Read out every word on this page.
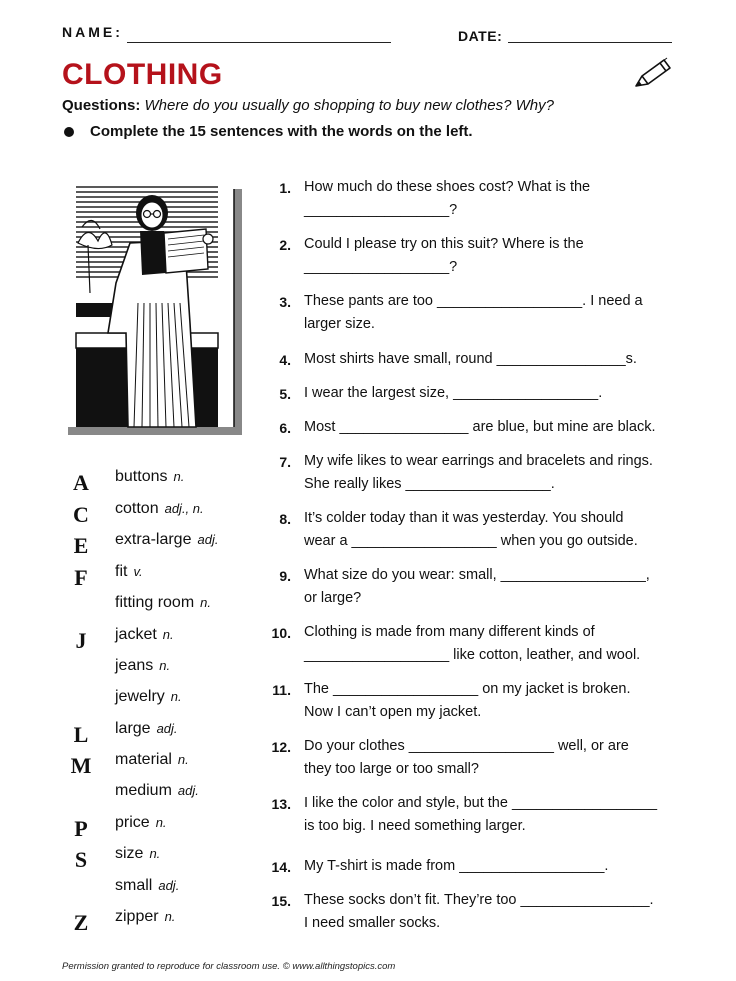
NAME:	DATE:
CLOTHING
Questions: Where do you usually go shopping to buy new clothes? Why?
Complete the 15 sentences with the words on the left.
A buttons n.
C cotton adj., n.
E extra-large adj.
F fit v.
fitting room n.
J	jacket n.
jeans n.
jewelry n.
L large adj.
M material n.
medium adj.
P price n.
S	size n.
small adj.
Z zipper n.
1. How much do these shoes cost? What is the
__________________?
2. Could I please try on this suit? Where is the
__________________?
3. These pants are too __________________. I need a
larger size.
4. Most shirts have small, round ________________s.
5. I wear the largest size, __________________.
6. Most ________________ are blue, but mine are black.
7. My wife likes to wear earrings and bracelets and rings.
She really likes __________________.
8. It’s colder today than it was yesterday. You should
wear a __________________ when you go outside.
9. What size do you wear: small, __________________,
or large?
10. Clothing is made from many different kinds of
__________________ like cotton, leather, and wool.
11. The __________________ on my jacket is broken.
Now I can’t open my jacket.
12. Do your clothes __________________ well, or are
they too large or too small?
13. I like the color and style, but the __________________
is too big. I need something larger.
14. My T-shirt is made from __________________.
15. These socks don’t fit. They’re too ________________.
I need smaller socks.
Permission granted to reproduce for classroom use. © www.allthingstopics.com
